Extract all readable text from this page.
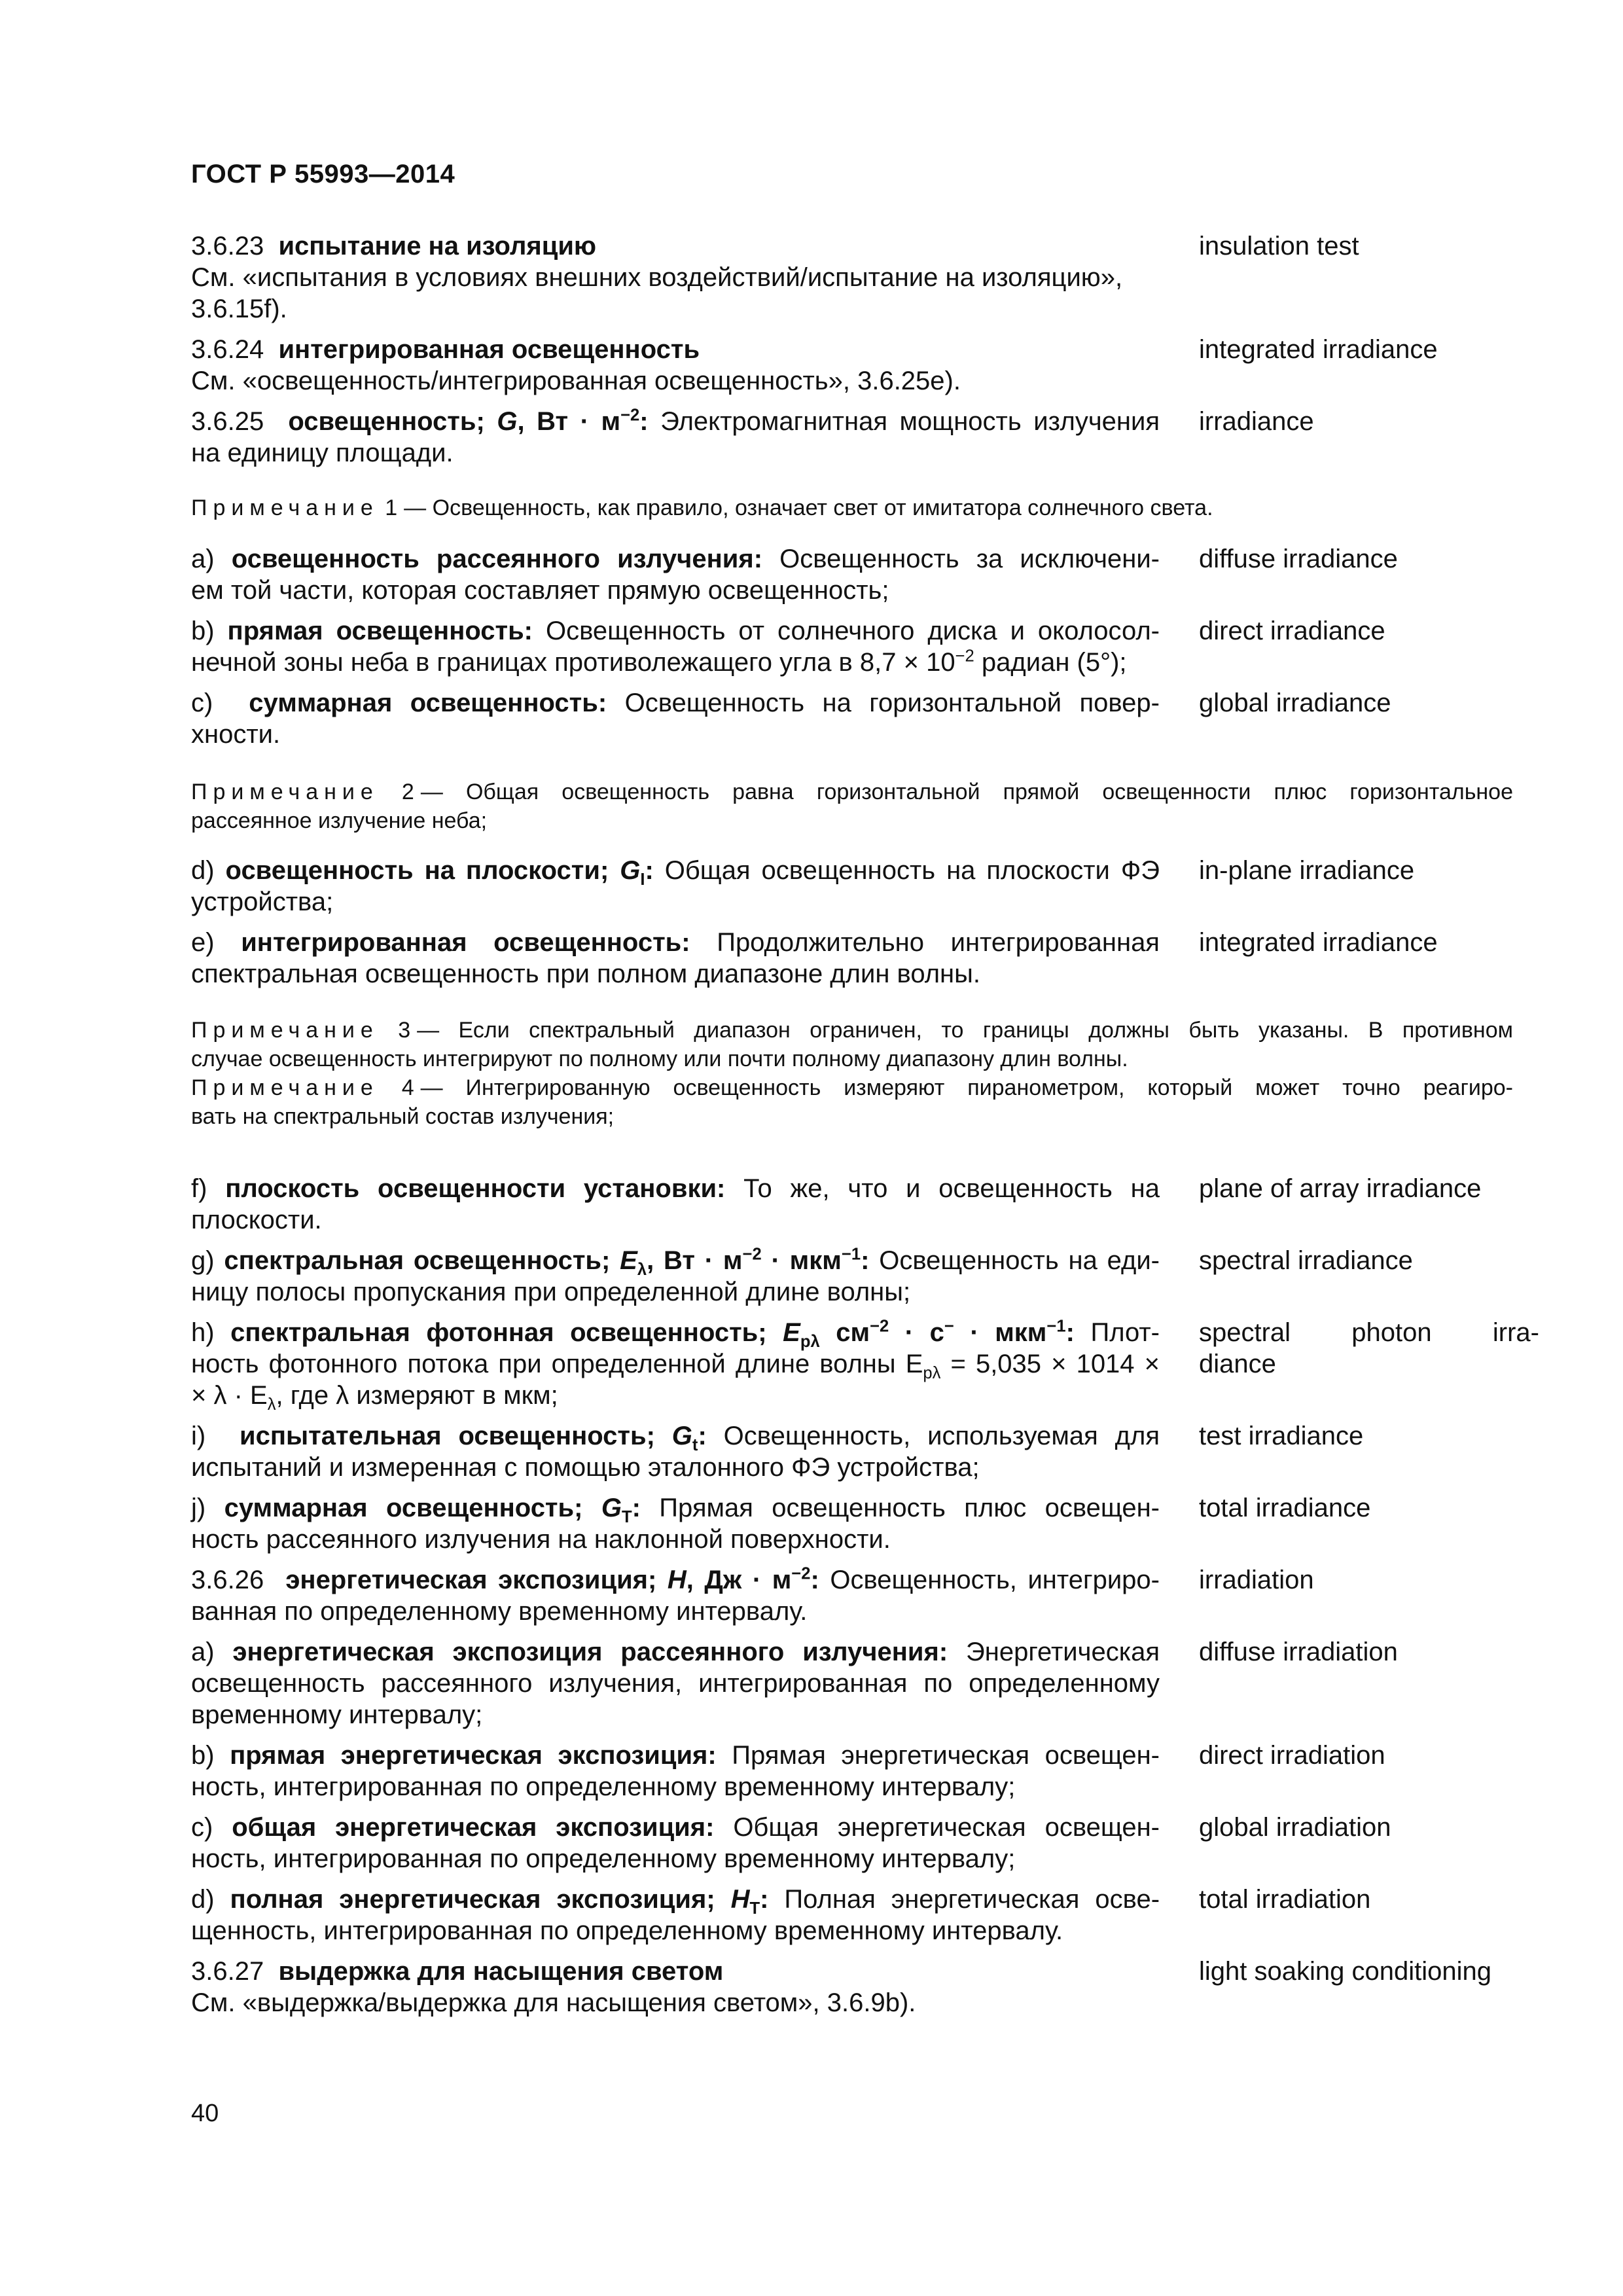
ГОСТ Р 55993—2014
3.6.23 испытание на изоляцию
См. «испытания в условиях внешних воздействий/испытание на изоляцию»,
3.6.15f).
insulation test
3.6.24 интегрированная освещенность
См. «освещенность/интегрированная освещенность», 3.6.25e).
integrated irradiance
3.6.25 освещенность; G, Вт · $м^{-2}$: Электромагнитная мощность излучения
на единицу площади.
irradiance
Примечание 1 — Освещенность, как правило, означает свет от имитатора солнечного света.
a) освещенность рассеянного излучения: Освещенность за исключени-
ем той части, которая составляет прямую освещенность;
diffuse irradiance
b) прямая освещенность: Освещенность от солнечного диска и околосол-
нечной зоны неба в границах противолежащего угла в $8,7 \times 10^{-2}$ радиан (5°);
direct irradiance
c) суммарная освещенность: Освещенность на горизонтальной повер-
хности.
global irradiance
Примечание 2 — Общая освещенность равна горизонтальной прямой освещенности плюс горизонтальное
рассеянное излучение неба;
d) освещенность на плоскости; $G_I$: Общая освещенность на плоскости ФЭ
устройства;
in-plane irradiance
e) интегрированная освещенность: Продолжительно интегрированная
спектральная освещенность при полном диапазоне длин волны.
integrated irradiance
Примечание 3 — Если спектральный диапазон ограничен, то границы должны быть указаны. В противном
случае освещенность интегрируют по полному или почти полному диапазону длин волны.
Примечание 4 — Интегрированную освещенность измеряют пиранометром, который может точно реагиро-
вать на спектральный состав излучения;
f) плоскость освещенности установки: То же, что и освещенность на
плоскости.
plane of array irradiance
g) спектральная освещенность; $E_\lambda$, Вт · $м^{-2} \cdot мкм^{-1}$: Освещенность на еди-
ницу полосы пропускания при определенной длине волны;
spectral irradiance
h) спектральная фотонная освещенность; $E_{p\lambda}$ $см^{-2} \cdot с^- \cdot мкм^{-1}$: Плот-
ность фотонного потока при определенной длине волны $E_{p\lambda} = 5,035 \times 1014$ ×
× $\lambda \cdot E_\lambda$, где λ измеряют в мкм;
spectral photon irra-
diance
i) испытательная освещенность; $G_t$: Освещенность, используемая для
испытаний и измеренная с помощью эталонного ФЭ устройства;
test irradiance
j) суммарная освещенность; $G_T$: Прямая освещенность плюс освещен-
ность рассеянного излучения на наклонной поверхности.
total irradiance
3.6.26 энергетическая экспозиция; H, Дж · $м^{-2}$: Освещенность, интегриро-
ванная по определенному временному интервалу.
irradiation
a) энергетическая экспозиция рассеянного излучения: Энергетическая
освещенность рассеянного излучения, интегрированная по определенному
временному интервалу;
diffuse irradiation
b) прямая энергетическая экспозиция: Прямая энергетическая освещен-
ность, интегрированная по определенному временному интервалу;
direct irradiation
c) общая энергетическая экспозиция: Общая энергетическая освещен-
ность, интегрированная по определенному временному интервалу;
global irradiation
d) полная энергетическая экспозиция; $H_T$: Полная энергетическая осве-
щенность, интегрированная по определенному временному интервалу.
total irradiation
3.6.27 выдержка для насыщения светом
См. «выдержка/выдержка для насыщения светом», 3.6.9b).
light soaking conditioning
40
